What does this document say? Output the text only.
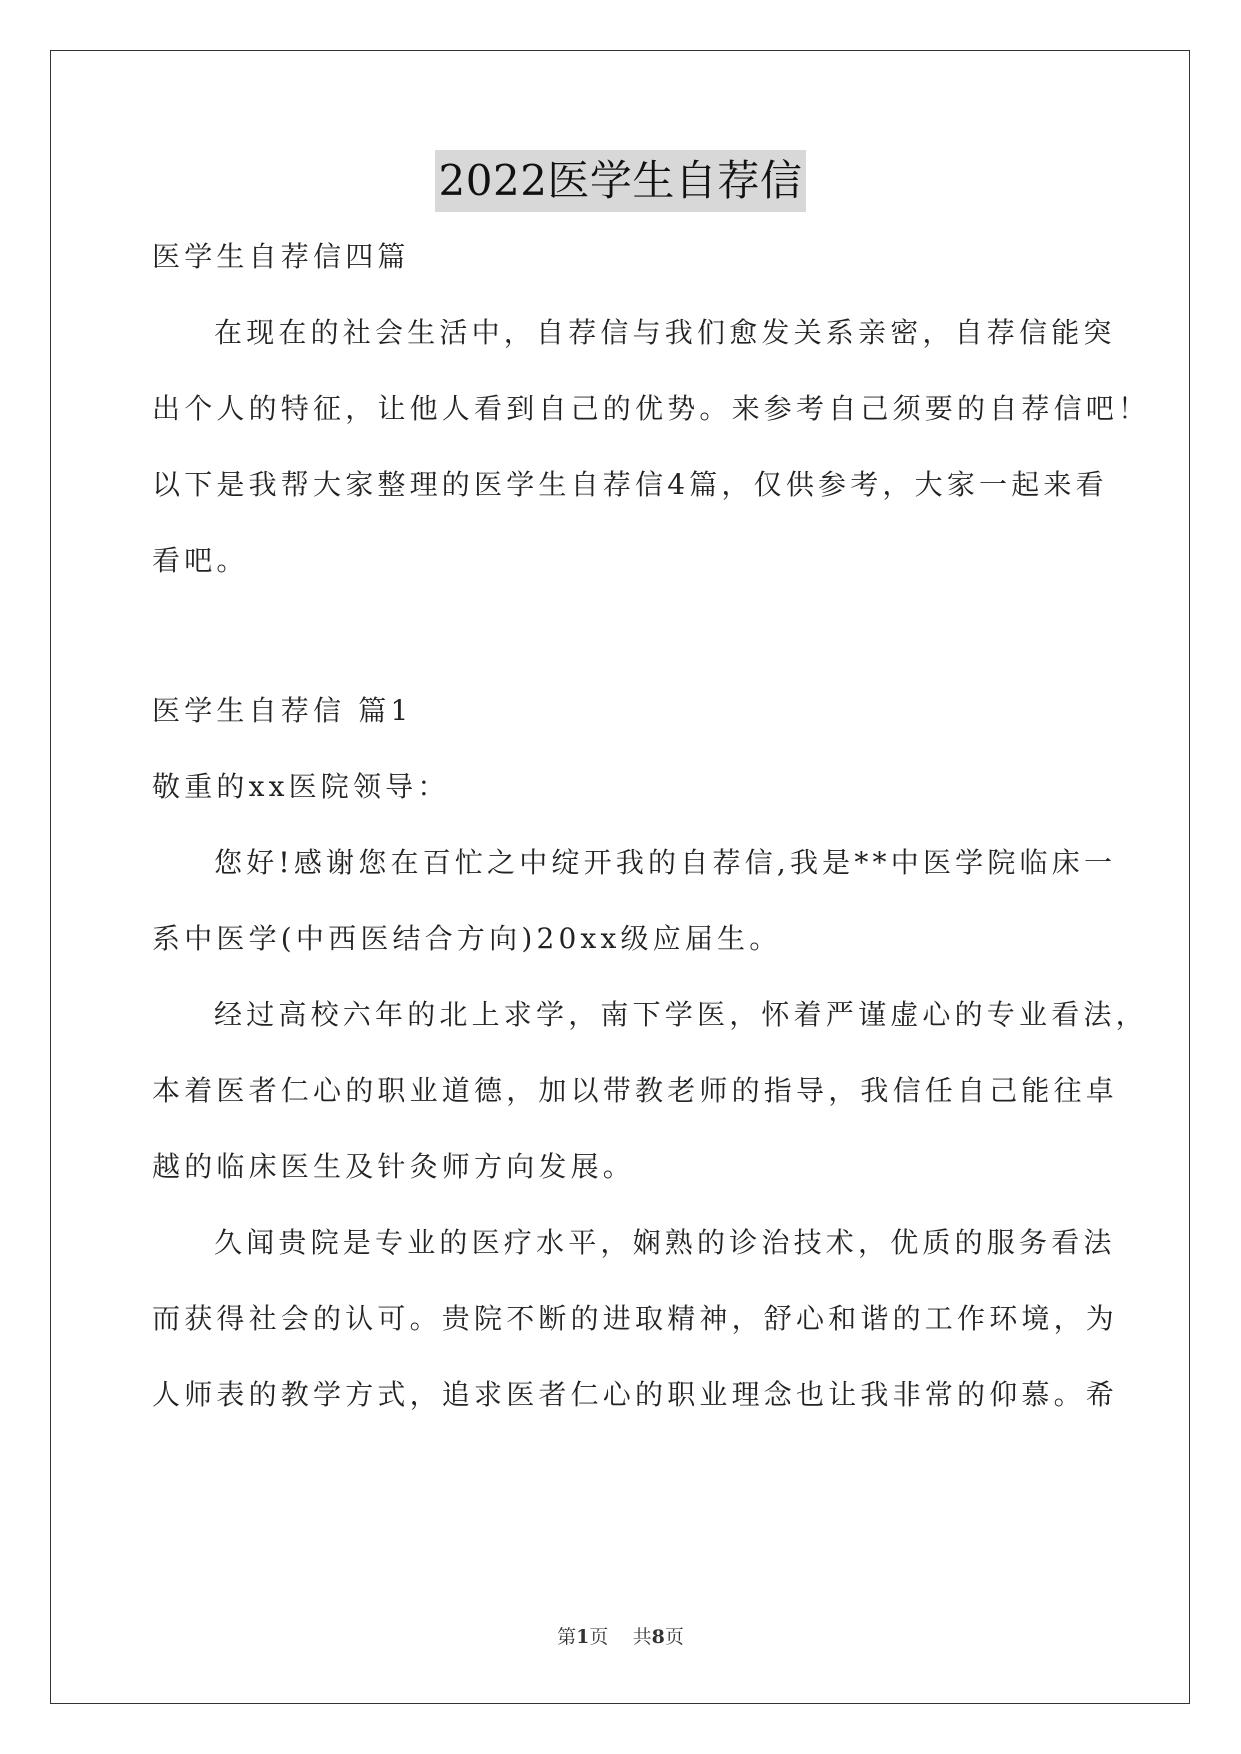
2022医学生自荐信
医学生自荐信四篇
在现在的社会生活中，自荐信与我们愈发关系亲密，自荐信能突
出个人的特征，让他人看到自己的优势。来参考自己须要的自荐信吧！
以下是我帮大家整理的医学生自荐信4篇，仅供参考，大家一起来看
看吧。
医学生自荐信 篇1
敬重的xx医院领导：
您好!感谢您在百忙之中绽开我的自荐信,我是**中医学院临床一
系中医学(中西医结合方向)20xx级应届生。
经过高校六年的北上求学，南下学医，怀着严谨虚心的专业看法，
本着医者仁心的职业道德，加以带教老师的指导，我信任自己能往卓
越的临床医生及针灸师方向发展。
久闻贵院是专业的医疗水平，娴熟的诊治技术，优质的服务看法
而获得社会的认可。贵院不断的进取精神，舒心和谐的工作环境，为
人师表的教学方式，追求医者仁心的职业理念也让我非常的仰慕。希
第1页 共8页
